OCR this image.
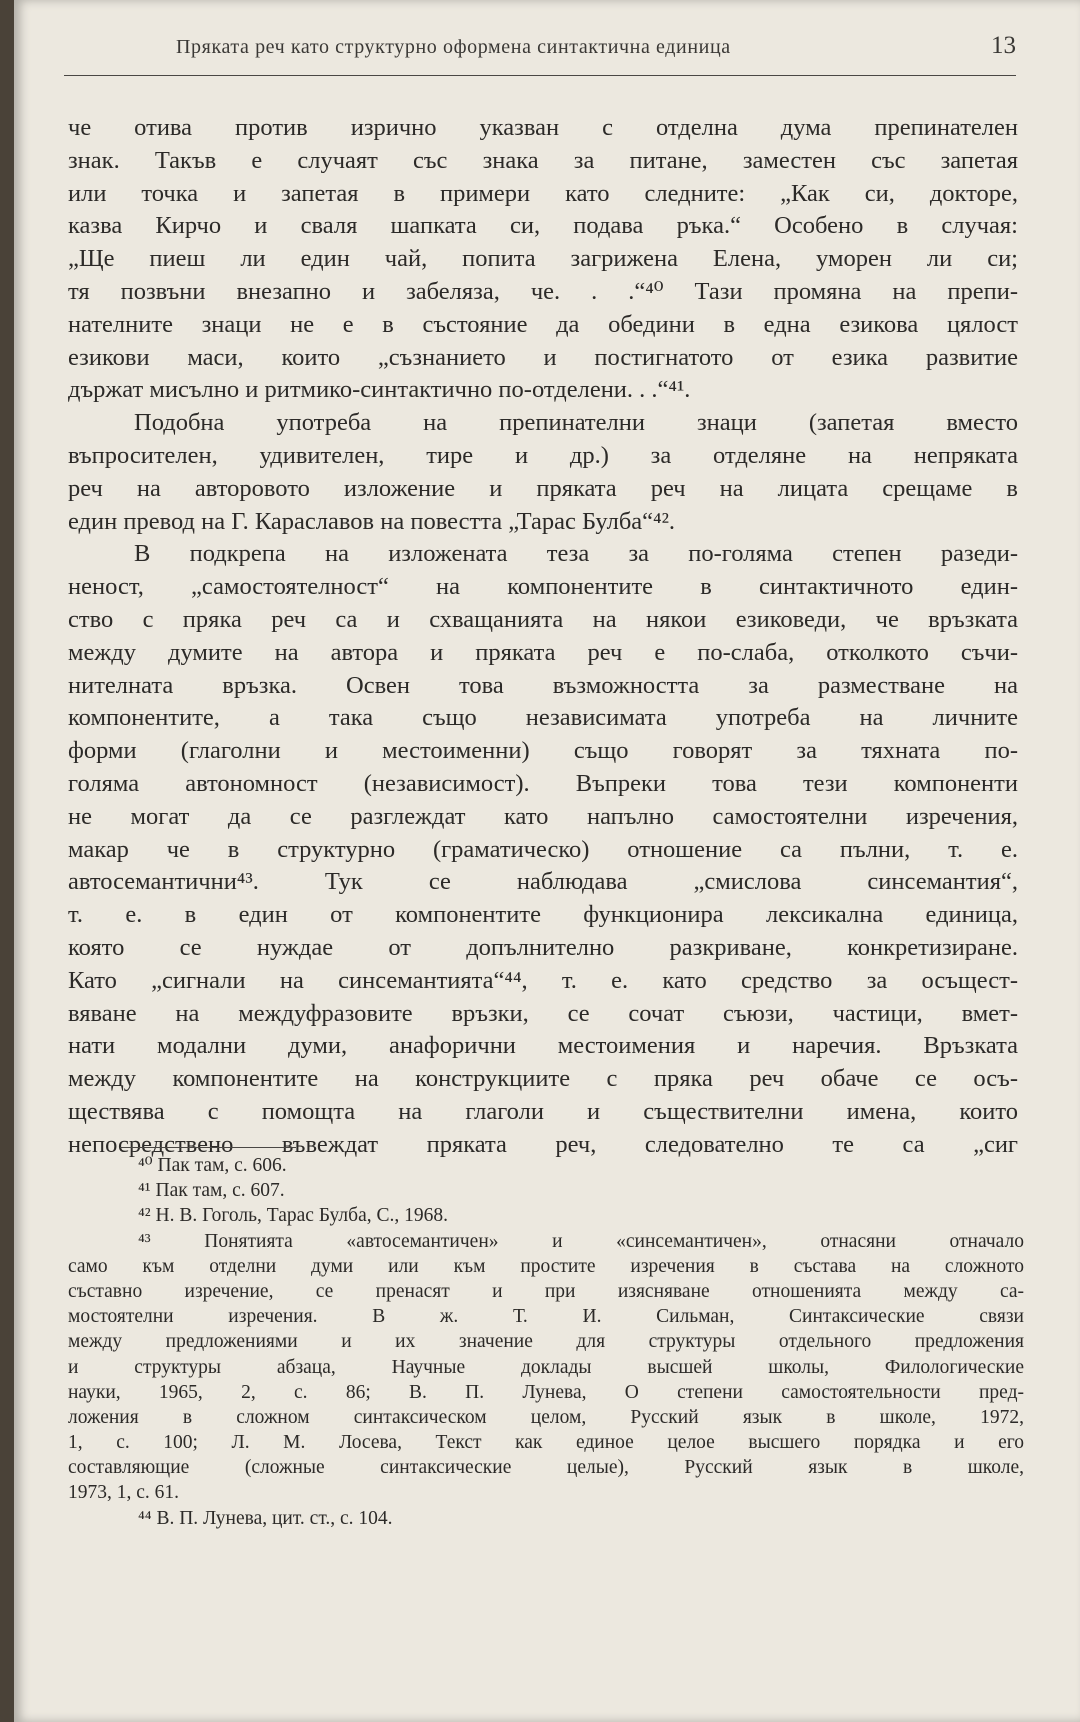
Пряката реч като структурно оформена синтактична единица	13
че отива против изрично указван с отделна дума препинателен
знак. Такъв е случаят със знака за питане, заместен със запетая
или точка и запетая в примери като следните: „Как си, докторе,
казва Кирчо и сваля шапката си, подава ръка.“ Особено в случая:
„Ще пиеш ли един чай, попита загрижена Елена, уморен ли си;
тя позвъни внезапно и забеляза, че. . .“⁴⁰ Тази промяна на препи-
нателните знаци не е в състояние да обедини в една езикова цялост
езикови маси, които „съзнанието и постигнатото от езика развитие
държат мисълно и ритмико-синтактично по-отделени. . .“⁴¹.
Подобна употреба на препинателни знаци (запетая вместо
въпросителен, удивителен, тире и др.) за отделяне на непряката
реч на авторовото изложение и пряката реч на лицата срещаме в
един превод на Г. Караславов на повестта „Тарас Булба“⁴².
В подкрепа на изложената теза за по-голяма степен разеди-
неност, „самостоятелност“ на компонентите в синтактичното един-
ство с пряка реч са и схващанията на някои езиковеди, че връзката
между думите на автора и пряката реч е по-слаба, отколкото съчи-
нителната връзка. Освен това възможността за разместване на
компонентите, а така също независимата употреба на личните
форми (глаголни и местоименни) също говорят за тяхната по-
голяма автономност (независимост). Въпреки това тези компоненти
не могат да се разглеждат като напълно самостоятелни изречения,
макар че в структурно (граматическо) отношение са пълни, т. е.
автосемантични⁴³. Тук се наблюдава „смислова синсемантия“,
т. е. в един от компонентите функционира лексикална единица,
която се нуждае от допълнително разкриване, конкретизиране.
Като „сигнали на синсемантията“⁴⁴, т. е. като средство за осъщест-
вяване на междуфразовите връзки, се сочат съюзи, частици, вмет-
нати модални думи, анафорични местоимения и наречия. Връзката
между компонентите на конструкциите с пряка реч обаче се осъ-
ществява с помощта на глаголи и съществителни имена, които
непосредствено въвеждат пряката реч, следователно те са „сиг
⁴⁰ Пак там, с. 606.
⁴¹ Пак там, с. 607.
⁴² Н. В. Гоголь, Тарас Булба, С., 1968.
⁴³ Понятията «автосемантичен» и «синсемантичен», отнасяни отначало
само към отделни думи или към простите изречения в състава на сложното
съставно изречение, се пренасят и при изясняване отношенията между са-
мостоятелни изречения. В ж. Т. И. Сильман, Синтаксические связи
между предложениями и их значение для структуры отдельного предложения
и структуры абзаца, Научные доклады высшей школы, Филологические
науки, 1965, 2, с. 86; В. П. Лунева, О степени самостоятельности пред-
ложения в сложном синтаксическом целом, Русский язык в школе, 1972,
1, с. 100; Л. М. Лосева, Текст как единое целое высшего порядка и его
составляющие (сложные синтаксические целые), Русский язык в школе,
1973, 1, с. 61.
⁴⁴ В. П. Лунева, цит. ст., с. 104.
